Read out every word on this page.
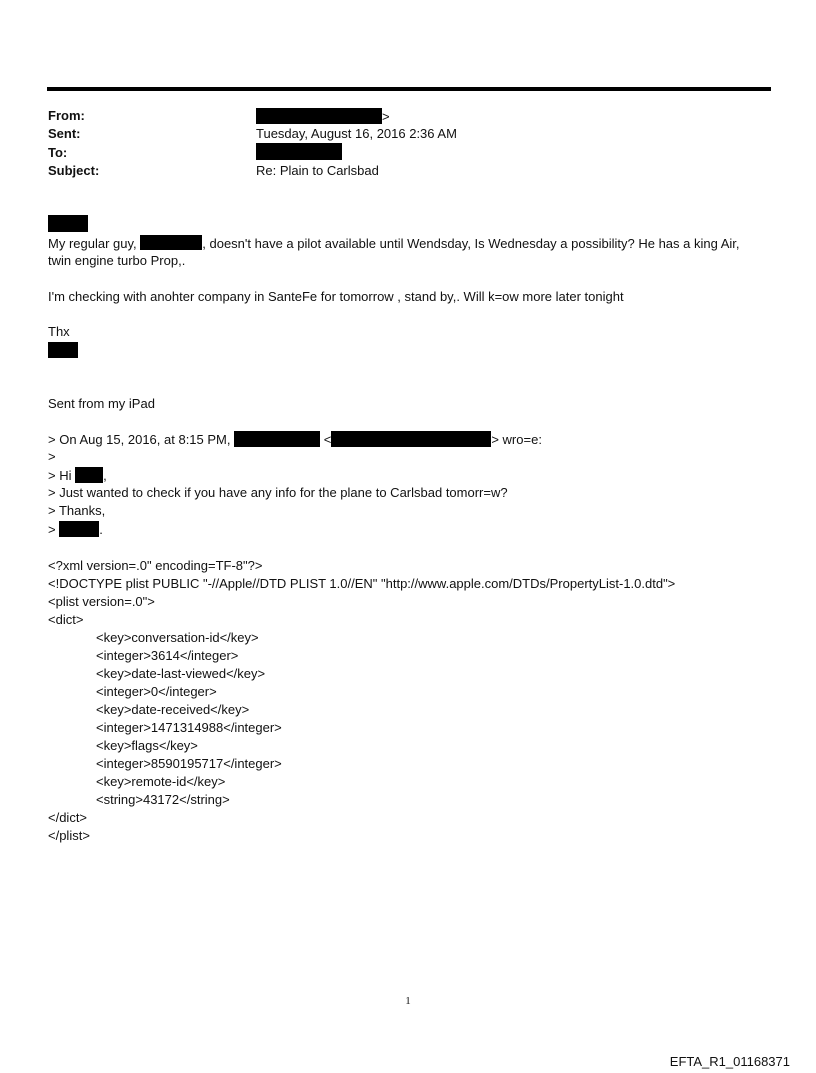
From:	>
Sent:	Tuesday, August 16, 2016 2:36 AM
To:
Subject:	Re: Plain to Carlsbad
My regular guy,	, doesn't have a pilot available until Wendsday, Is Wednesday a possibility? He has a king Air,
twin engine turbo Prop,.
I'm checking with anohter company in SanteFe for tomorrow , stand by,. Will k=ow more later tonight
Thx
Sent from my iPad
> On Aug 15, 2016, at 8:15 PM,	<	> wro=e:
>
> Hi ,
> Just wanted to check if you have any info for the plane to Carlsbad tomorr=w?
> Thanks,
>	.
<?xml version=.0" encoding=TF-8"?>
<!DOCTYPE plist PUBLIC "-//Apple//DTD PLIST 1.0//EN" "http://www.apple.com/DTDs/PropertyList-1.0.dtd">
<plist version=.0">
<dict>
<key>conversation-id</key>
<integer>3614</integer>
<key>date-last-viewed</key>
<integer>0</integer>
<key>date-received</key>
<integer>1471314988</integer>
<key>flags</key>
<integer>8590195717</integer>
<key>remote-id</key>
<string>43172</string>
</dict>
</plist>
1
EFTA_R1_01168371
